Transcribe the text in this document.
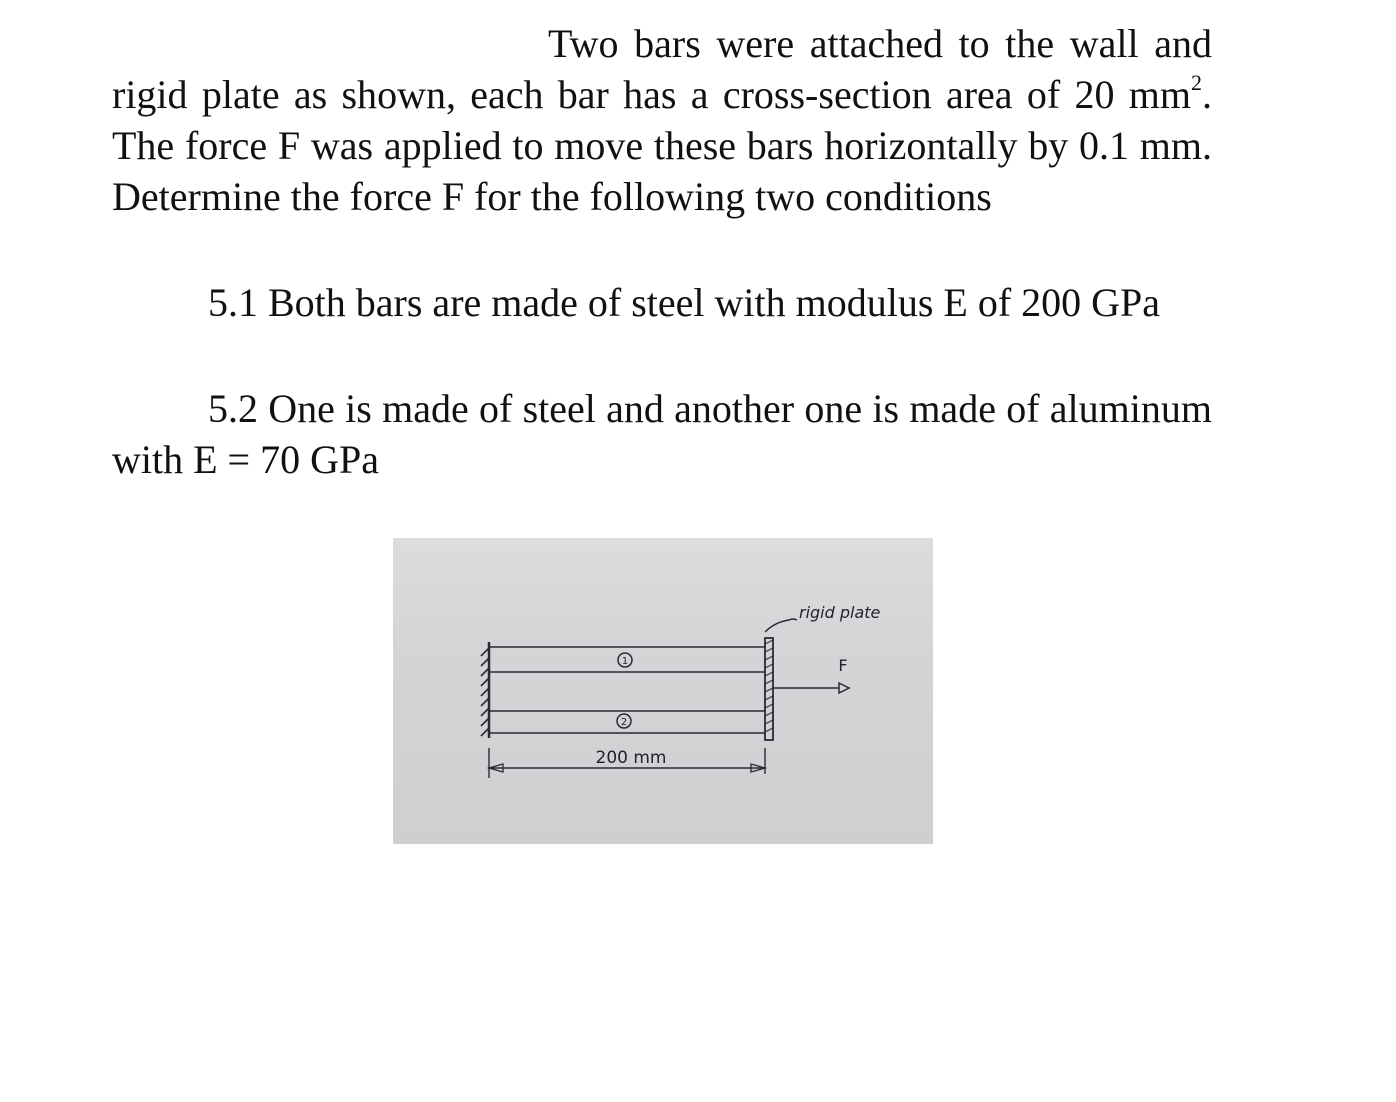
Two bars were attached to the wall and rigid plate as shown, each bar has a cross-section area of 20 $mm^2$. The force F was applied to move these bars horizontally by 0.1 mm. Determine the force F for the following two conditions
5.1 Both bars are made of steel with modulus E of 200 GPa
5.2 One is made of steel and another one is made of aluminum with E = 70 GPa
1
2
rigid plate
F
200 mm
